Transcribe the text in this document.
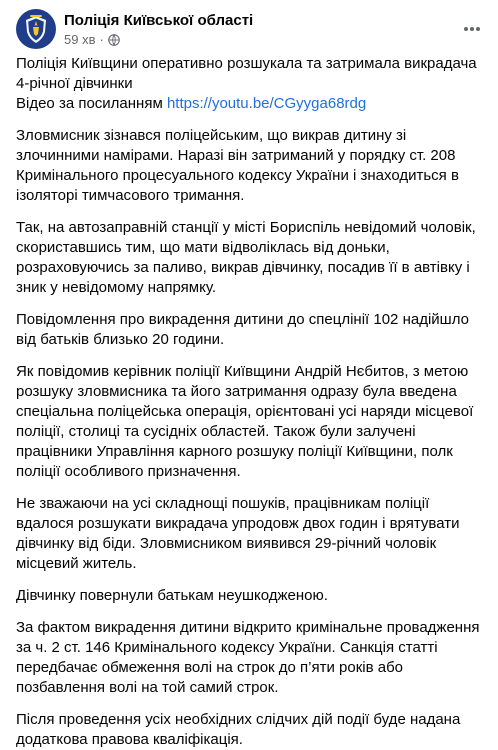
Поліція Київської області
59 хв ·

Поліція Київщини оперативно розшукала та затримала викрадача 4-річної дівчинки
Відео за посиланням https://youtu.be/CGyyga68rdg

Зловмисник зізнався поліцейським, що викрав дитину зі злочинними намірами. Наразі він затриманий у порядку ст. 208 Кримінального процесуального кодексу України і знаходиться в ізоляторі тимчасового тримання.

Так, на автозаправній станції у місті Бориспіль невідомий чоловік, скориставшись тим, що мати відволіклась від доньки, розраховуючись за паливо, викрав дівчинку, посадив її в автівку і зник у невідомому напрямку.

Повідомлення про викрадення дитини до спецлінії 102 надійшло від батьків близько 20 години.

Як повідомив керівник поліції Київщини Андрій Нєбитов, з метою розшуку зловмисника та його затримання одразу була введена спеціальна поліцейська операція, орієнтовані усі наряди місцевої поліції, столиці та сусідніх областей. Також були залучені працівники Управління карного розшуку поліції Київщини, полк поліції особливого призначення.

Не зважаючи на усі складнощі пошуків, працівникам поліції вдалося розшукати викрадача упродовж двох годин і врятувати дівчинку від біди. Зловмисником виявився 29-річний чоловік місцевий житель.

Дівчинку повернули батькам неушкодженою.

За фактом викрадення дитини відкрито кримінальне провадження за ч. 2 ст. 146 Кримінального кодексу України. Санкція статті передбачає обмеження волі на строк до п’яти років або позбавлення волі на той самий строк.

Після проведення усіх необхідних слідчих дій події буде надана додаткова правова кваліфікація.
